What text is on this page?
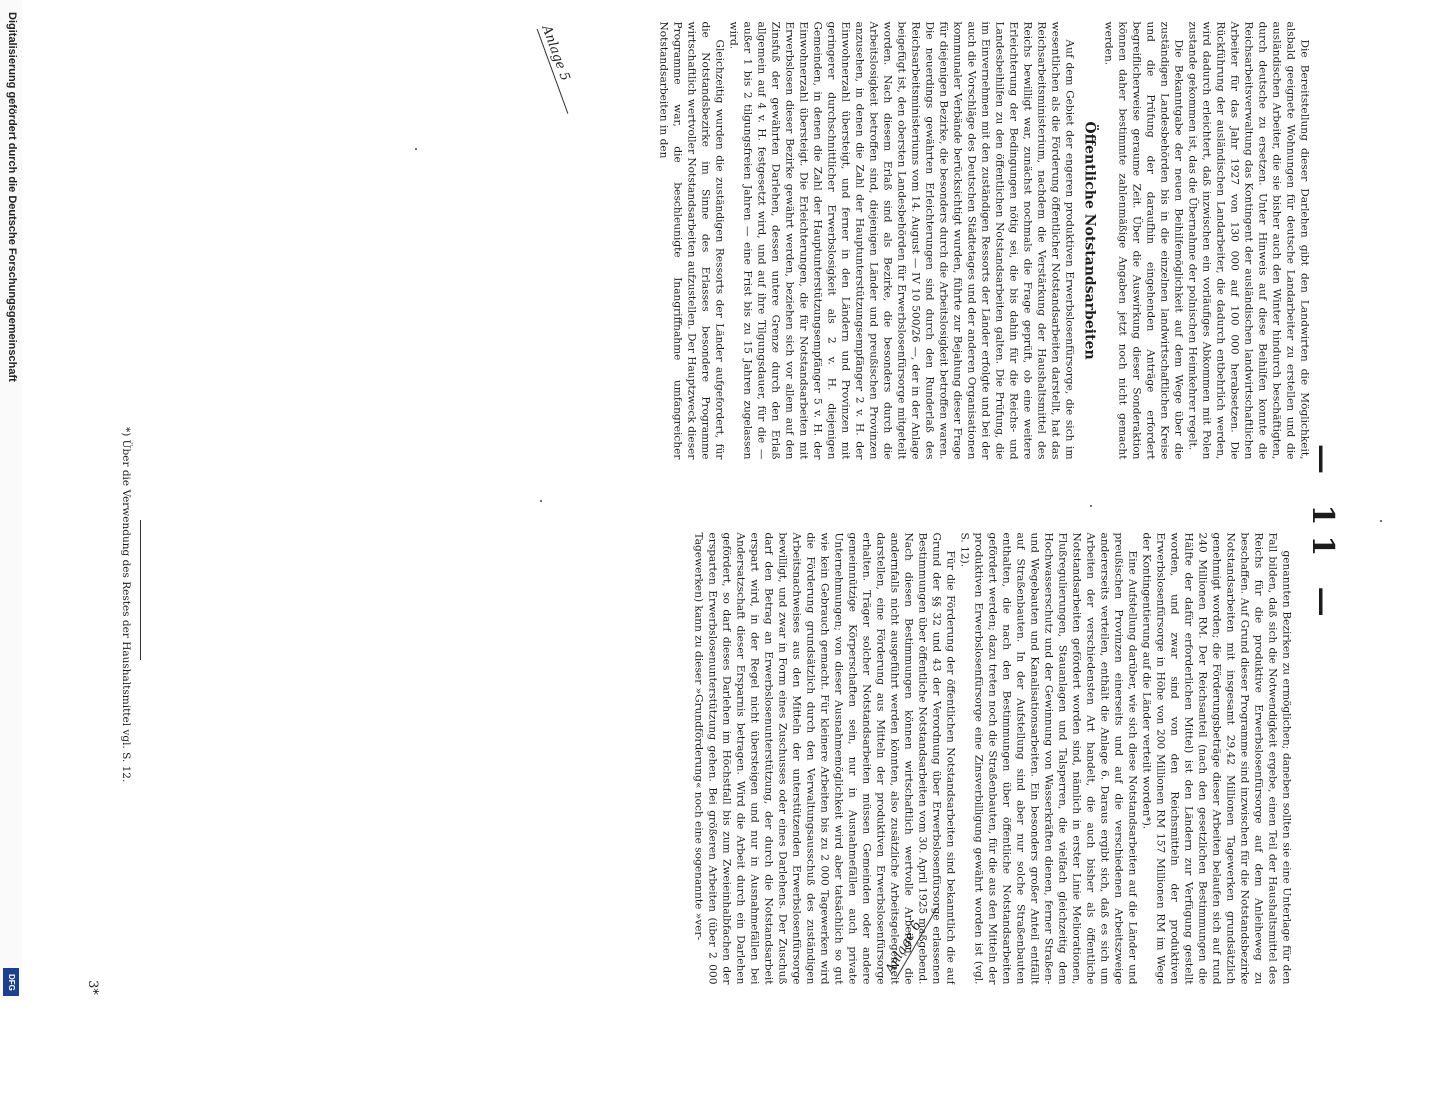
Anlage 5
— 11 —

Die Bereitstellung dieser Darlehen gibt den Landwirten die Möglichkeit, alsbald geeignete Wohnungen für deutsche Landarbeiter zu erstellen und die ausländischen Arbeiter, die sie bisher auch den Winter hindurch beschäftigten, durch deutsche zu ersetzen. Unter Hinweis auf diese Beihilfen konnte die Reichsarbeitsverwaltung das Kontingent der ausländischen landwirtschaftlichen Arbeiter für das Jahr 1927 von 130 000 auf 100 000 herabsetzen. Die Rückführung der ausländischen Landarbeiter, die dadurch entbehrlich werden, wird dadurch erleichtert, daß inzwischen ein vorläufiges Abkommen mit Polen zustande gekommen ist, das die Übernahme der polnischen Heimkehrer regelt.

Die Bekanntgabe der neuen Beihilfemöglichkeit auf dem Wege über die zuständigen Landesbehörden bis in die einzelnen landwirtschaftlichen Kreise und die Prüfung der daraufhin eingehenden Anträge erfordert begreiflicherweise geraume Zeit. Über die Auswirkung dieser Sonderaktion können daher bestimmte zahlenmäßige Angaben jetzt noch nicht gemacht werden.

Öffentliche Notstandsarbeiten

Auf dem Gebiet der engeren produktiven Erwerbslosenfürsorge, die sich im wesentlichen als die Förderung öffentlicher Notstandsarbeiten darstellt, hat das Reichsarbeitsministerium, nachdem die Verstärkung der Haushaltsmittel des Reichs bewilligt war, zunächst nochmals die Frage geprüft, ob eine weitere Erleichterung der Bedingungen nötig sei, die bis dahin für die Reichs- und Landesbeihilfen zu den öffentlichen Notstandsarbeiten galten. Die Prüfung, die im Einvernehmen mit den zuständigen Ressorts der Länder erfolgte und bei der auch die Vorschläge des Deutschen Städtetages und der anderen Organisationen kommunaler Verbände berücksichtigt wurden, führte zur Bejahung dieser Frage für diejenigen Bezirke, die besonders durch die Arbeitslosigkeit betroffen waren. Die neuerdings gewährten Erleichterungen sind durch den Runderlaß des Reichsarbeitsministeriums vom 14. August — IV 10 500/26 —, der in der Anlage beigefügt ist, den obersten Landesbehörden für Erwerbslosenfürsorge mitgeteilt worden. Nach diesem Erlaß sind als Bezirke, die besonders durch die Arbeitslosigkeit betroffen sind, diejenigen Länder und preußischen Provinzen anzusehen, in denen die Zahl der Hauptunterstützungsempfänger 2 v. H. der Einwohnerzahl übersteigt, und ferner in den Ländern und Provinzen mit geringerer durchschnittlicher Erwerbslosigkeit als 2 v. H. diejenigen Gemeinden, in denen die Zahl der Hauptunterstützungsempfänger 5 v. H. der Einwohnerzahl übersteigt. Die Erleichterungen, die für Notstandsarbeiten mit Erwerbslosen dieser Bezirke gewährt werden, beziehen sich vor allem auf den Zinsfuß der gewährten Darlehen, dessen untere Grenze durch den Erlaß allgemein auf 4 v. H. festgesetzt wird, und auf ihre Tilgungsdauer, für die — außer 1 bis 2 tilgungsfreien Jahren — eine Frist bis zu 15 Jahren zugelassen wird.

Gleichzeitig wurden die zuständigen Ressorts der Länder aufgefordert, für die Notstandsbezirke im Sinne des Erlasses besondere Programme wirtschaftlich wertvoller Notstandsarbeiten aufzustellen. Der Hauptzweck dieser Programme war, die beschleunigte Inangriffnahme umfangreicher Notstandsarbeiten in den

genannten Bezirken zu ermöglichen; daneben sollten sie eine Unterlage für den Fall bilden, daß sich die Notwendigkeit ergebe, einen Teil der Haushaltsmittel des Reichs für die produktive Erwerbslosenfürsorge auf dem Anleiheweg zu beschaffen. Auf Grund dieser Programme sind inzwischen für die Notstandsbezirke Notstandsarbeiten mit insgesamt 29,42 Millionen Tagewerken grundsätzlich genehmigt worden; die Förderungsbeträge dieser Arbeiten belaufen sich auf rund 240 Millionen RM. Der Reichsanteil (nach den gesetzlichen Bestimmungen die Hälfte der dafür erforderlichen Mittel) ist den Ländern zur Verfügung gestellt worden, und zwar sind von den Reichsmitteln der produktiven Erwerbslosenfürsorge in Höhe von 200 Millionen RM 157 Millionen RM im Wege der Kontingentierung auf die Länder verteilt worden*).

Eine Aufstellung darüber, wie sich diese Notstandsarbeiten auf die Länder und preußischen Provinzen einerseits und auf die verschiedenen Arbeitszweige andererseits verteilen, enthält die Anlage 6. Daraus ergibt sich, daß es sich um Arbeiten der verschiedensten Art handelt, die auch bisher als öffentliche Notstandsarbeiten gefördert worden sind, nämlich in erster Linie Meliorationen, Flußregulierungen, Stauanlagen und Talsperren, die vielfach gleichzeitig dem Hochwasserschutz und der Gewinnung von Wasserkräften dienen, ferner Straßen- und Wegebauten und Kanalisationsarbeiten. Ein besonders großer Anteil entfällt auf Straßenbauten. In der Aufstellung sind aber nur solche Straßenbauten enthalten, die nach den Bestimmungen über öffentliche Notstandsarbeiten gefördert werden; dazu treten noch die Straßenbauten, für die aus den Mitteln der produktiven Erwerbslosenfürsorge eine Zinsverbilligung gewährt worden ist (vgl. S. 12).

Für die Förderung der öffentlichen Notstandsarbeiten sind bekanntlich die auf Grund der §§ 32 und 43 der Verordnung über Erwerbslosenfürsorge erlassenen Bestimmungen über öffentliche Notstandsarbeiten vom 30. April 1925 maßgebend. Nach diesen Bestimmungen können wirtschaftlich wertvolle Arbeiten, die andernfalls nicht ausgeführt werden könnten, also zusätzliche Arbeitsgelegenheit darstellen, eine Förderung aus Mitteln der produktiven Erwerbslosenfürsorge erhalten. Träger solcher Notstandsarbeiten müssen Gemeinden oder andere gemeinnützige Körperschaften sein, nur in Ausnahmefällen auch private Unternehmungen; von dieser Ausnahmemöglichkeit wird aber tatsächlich so gut wie kein Gebrauch gemacht. Für kleinere Arbeiten bis zu 2 000 Tagewerken wird die Förderung grundsätzlich durch den Verwaltungsausschuß des zuständigen Arbeitsnachweises aus den Mitteln der unterstützenden Erwerbslosenfürsorge bewilligt, und zwar in Form eines Zuschusses oder eines Darlehens. Der Zuschuß darf den Betrag an Erwerbslosenunterstützung, der durch die Notstandsarbeit erspart wird, in der Regel nicht übersteigen und nur in Ausnahmefällen bei Andersatzschaft dieser Ersparnis betragen. Wird die Arbeit durch ein Darlehen gefördert, so darf dieses Darlehen im Höchstfall bis zum Zweieinhalbfachen der ersparten Erwerbslosenunterstützung gehen. Bei größeren Arbeiten (über 2 000 Tagewerken) kann zu dieser »Grundförderung« noch eine sogenannte »ver-

Anlage 6
*) Über die Verwendung des Restes der Haushaltsmittel vgl. S. 12.
3*
Digitalisierung gefördert durch die Deutsche Forschungsgemeinschaft
DFG
